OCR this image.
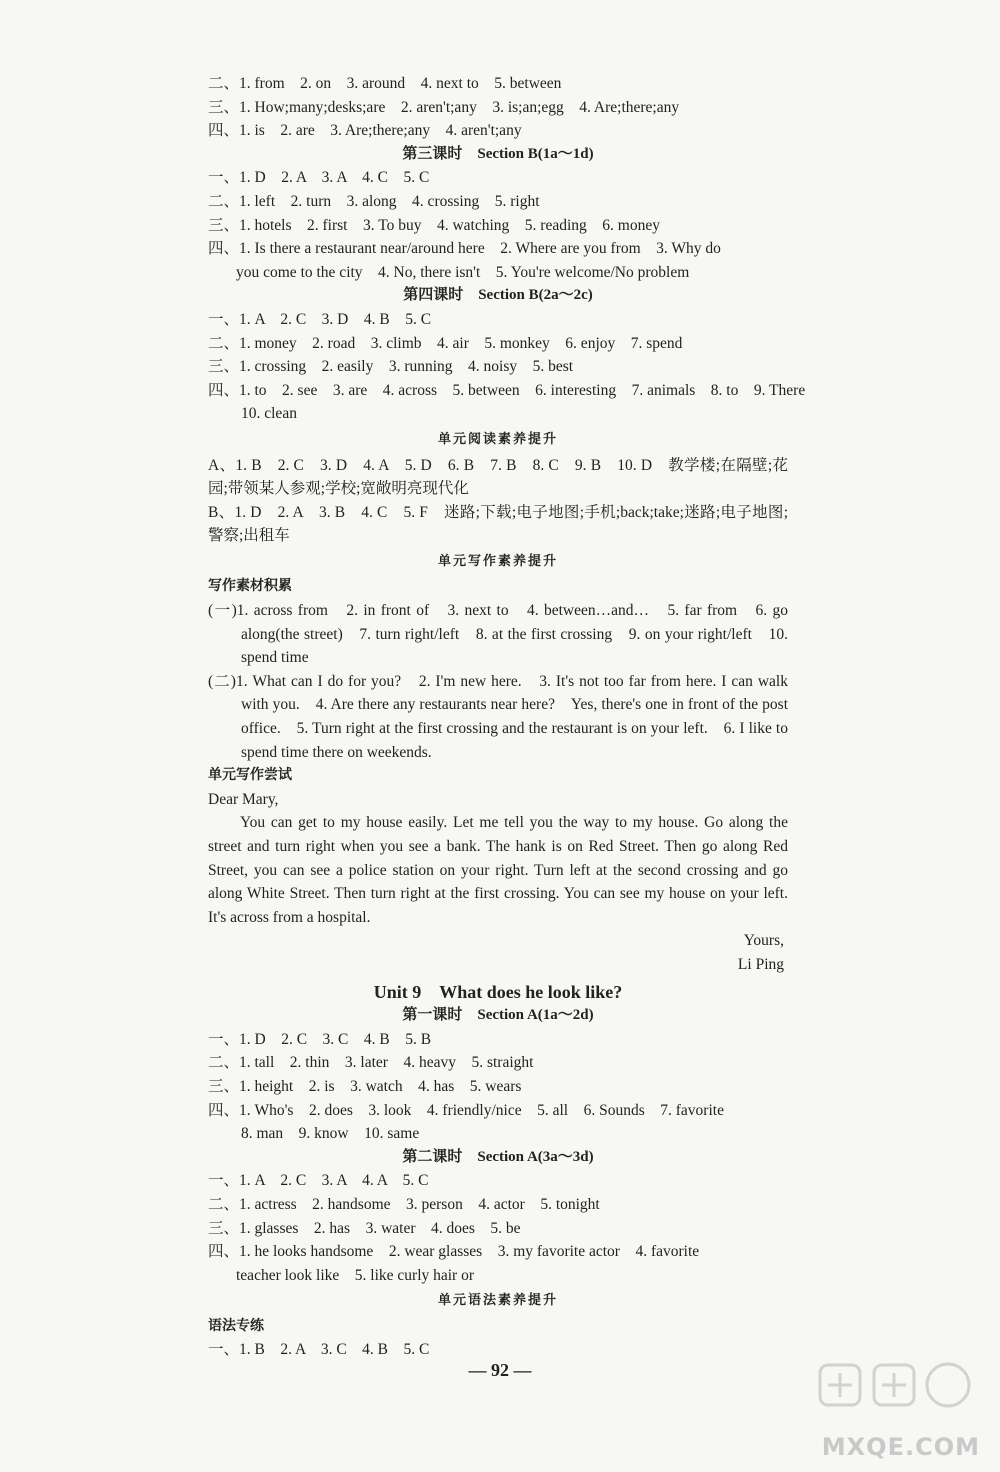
二、1. from　2. on　3. around　4. next to　5. between
三、1. How;many;desks;are　2. aren't;any　3. is;an;egg　4. Are;there;any
四、1. is　2. are　3. Are;there;any　4. aren't;any
第三课时　Section B(1a～1d)
一、1. D　2. A　3. A　4. C　5. C
二、1. left　2. turn　3. along　4. crossing　5. right
三、1. hotels　2. first　3. To buy　4. watching　5. reading　6. money
四、1. Is there a restaurant near/around here　2. Where are you from　3. Why do
you come to the city　4. No, there isn't　5. You're welcome/No problem
第四课时　Section B(2a～2c)
一、1. A　2. C　3. D　4. B　5. C
二、1. money　2. road　3. climb　4. air　5. monkey　6. enjoy　7. spend
三、1. crossing　2. easily　3. running　4. noisy　5. best
四、1. to　2. see　3. are　4. across　5. between　6. interesting　7. animals　8. to　9. There
10. clean
单元阅读素养提升
A、1. B　2. C　3. D　4. A　5. D　6. B　7. B　8. C　9. B　10. D　教学楼;在隔壁;花园;带领某人参观;学校;宽敞明亮现代化
B、1. D　2. A　3. B　4. C　5. F　迷路;下载;电子地图;手机;back;take;迷路;电子地图;警察;出租车
单元写作素养提升
写作素材积累
(一)1. across from　2. in front of　3. next to　4. between…and…　5. far from　6. go along(the street)　7. turn right/left　8. at the first crossing　9. on your right/left　10. spend time
(二)1. What can I do for you?　2. I'm new here.　3. It's not too far from here. I can walk with you.　4. Are there any restaurants near here?　Yes, there's one in front of the post office.　5. Turn right at the first crossing and the restaurant is on your left.　6. I like to spend time there on weekends.
单元写作尝试
Dear Mary,
You can get to my house easily. Let me tell you the way to my house. Go along the street and turn right when you see a bank. The hank is on Red Street. Then go along Red Street, you can see a police station on your right. Turn left at the second crossing and go along White Street. Then turn right at the first crossing. You can see my house on your left. It's across from a hospital.
Yours,
Li Ping
Unit 9　What does he look like?
第一课时　Section A(1a～2d)
一、1. D　2. C　3. C　4. B　5. B
二、1. tall　2. thin　3. later　4. heavy　5. straight
三、1. height　2. is　3. watch　4. has　5. wears
四、1. Who's　2. does　3. look　4. friendly/nice　5. all　6. Sounds　7. favorite
8. man　9. know　10. same
第二课时　Section A(3a～3d)
一、1. A　2. C　3. A　4. A　5. C
二、1. actress　2. handsome　3. person　4. actor　5. tonight
三、1. glasses　2. has　3. water　4. does　5. be
四、1. he looks handsome　2. wear glasses　3. my favorite actor　4. favorite
teacher look like　5. like curly hair or
单元语法素养提升
语法专练
一、1. B　2. A　3. C　4. B　5. C
— 92 —
MXQE.COM
